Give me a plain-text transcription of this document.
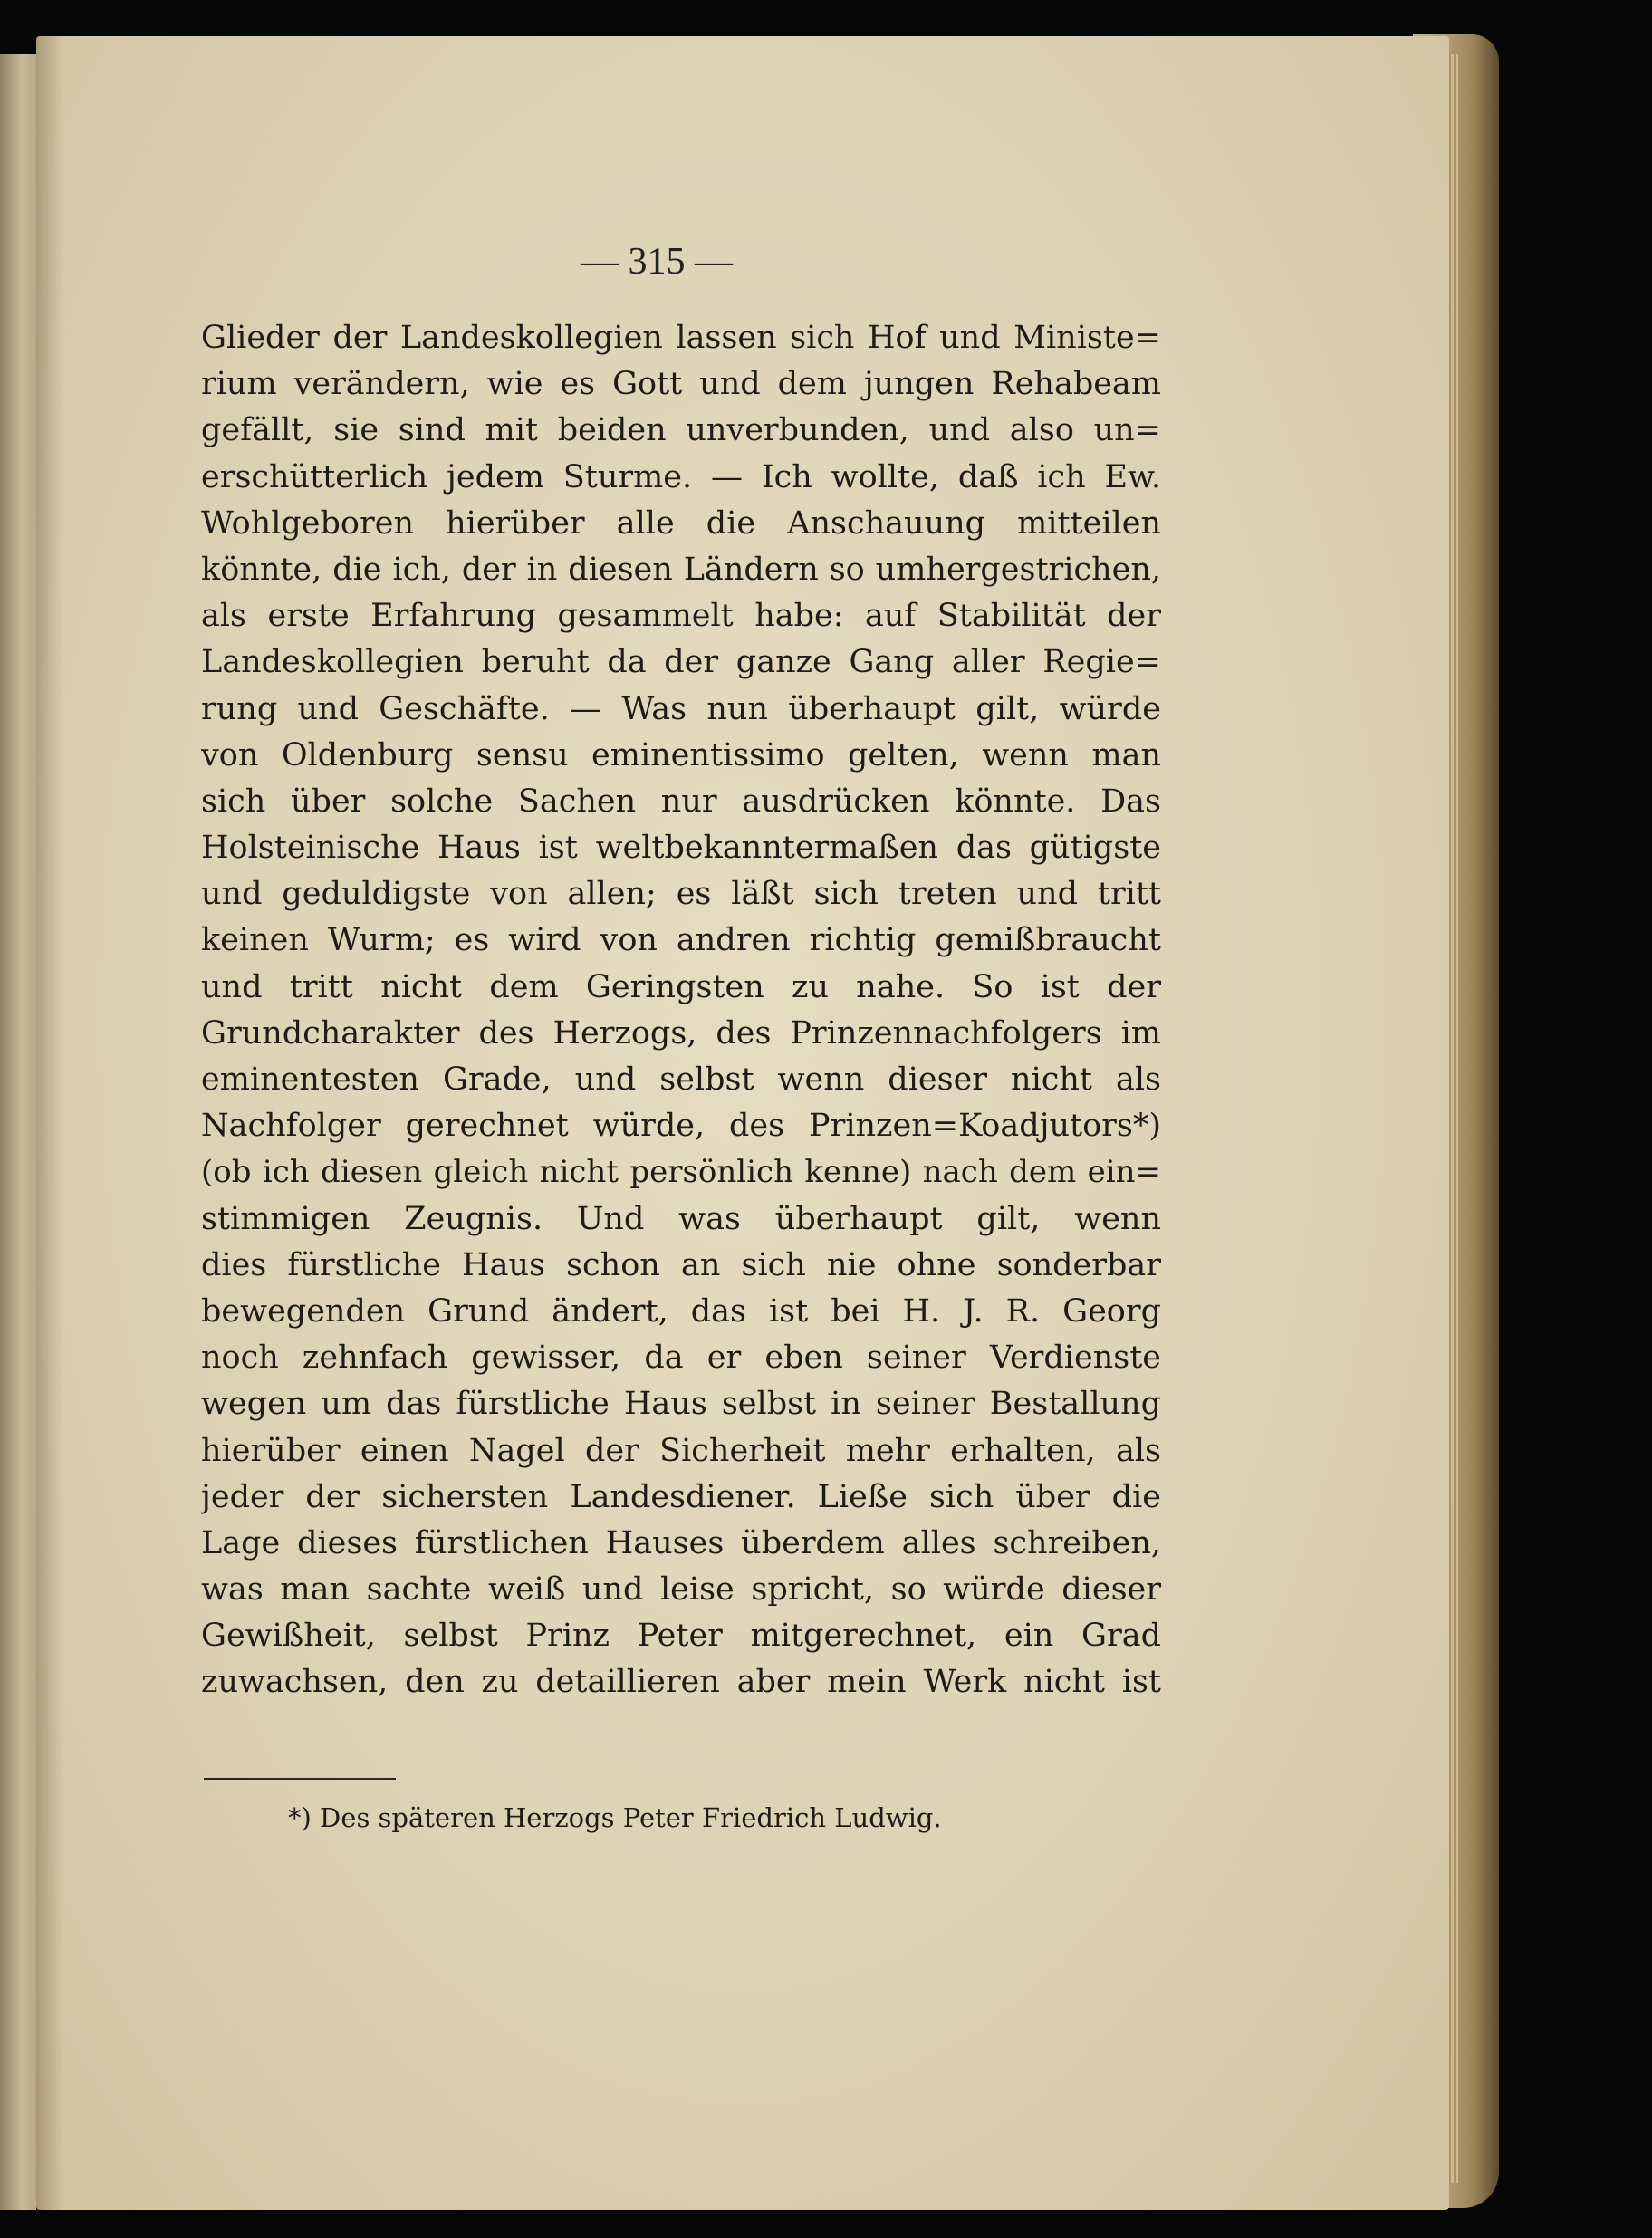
— 315 —
Glieder der Landeskollegien lassen sich Hof und Ministe=
rium verändern, wie es Gott und dem jungen Rehabeam
gefällt, sie sind mit beiden unverbunden, und also un=
erschütterlich jedem Sturme. — Ich wollte, daß ich Ew.
Wohlgeboren hierüber alle die Anschauung mitteilen
könnte, die ich, der in diesen Ländern so umhergestrichen,
als erste Erfahrung gesammelt habe: auf Stabilität der
Landeskollegien beruht da der ganze Gang aller Regie=
rung und Geschäfte. — Was nun überhaupt gilt, würde
von Oldenburg sensu eminentissimo gelten, wenn man
sich über solche Sachen nur ausdrücken könnte. Das
Holsteinische Haus ist weltbekanntermaßen das gütigste
und geduldigste von allen; es läßt sich treten und tritt
keinen Wurm; es wird von andren richtig gemißbraucht
und tritt nicht dem Geringsten zu nahe. So ist der
Grundcharakter des Herzogs, des Prinzennachfolgers im
eminentesten Grade, und selbst wenn dieser nicht als
Nachfolger gerechnet würde, des Prinzen=Koadjutors*)
(ob ich diesen gleich nicht persönlich kenne) nach dem ein=
stimmigen Zeugnis. Und was überhaupt gilt, wenn
dies fürstliche Haus schon an sich nie ohne sonderbar
bewegenden Grund ändert, das ist bei H. J. R. Georg
noch zehnfach gewisser, da er eben seiner Verdienste
wegen um das fürstliche Haus selbst in seiner Bestallung
hierüber einen Nagel der Sicherheit mehr erhalten, als
jeder der sichersten Landesdiener. Ließe sich über die
Lage dieses fürstlichen Hauses überdem alles schreiben,
was man sachte weiß und leise spricht, so würde dieser
Gewißheit, selbst Prinz Peter mitgerechnet, ein Grad
zuwachsen, den zu detaillieren aber mein Werk nicht ist
*) Des späteren Herzogs Peter Friedrich Ludwig.
